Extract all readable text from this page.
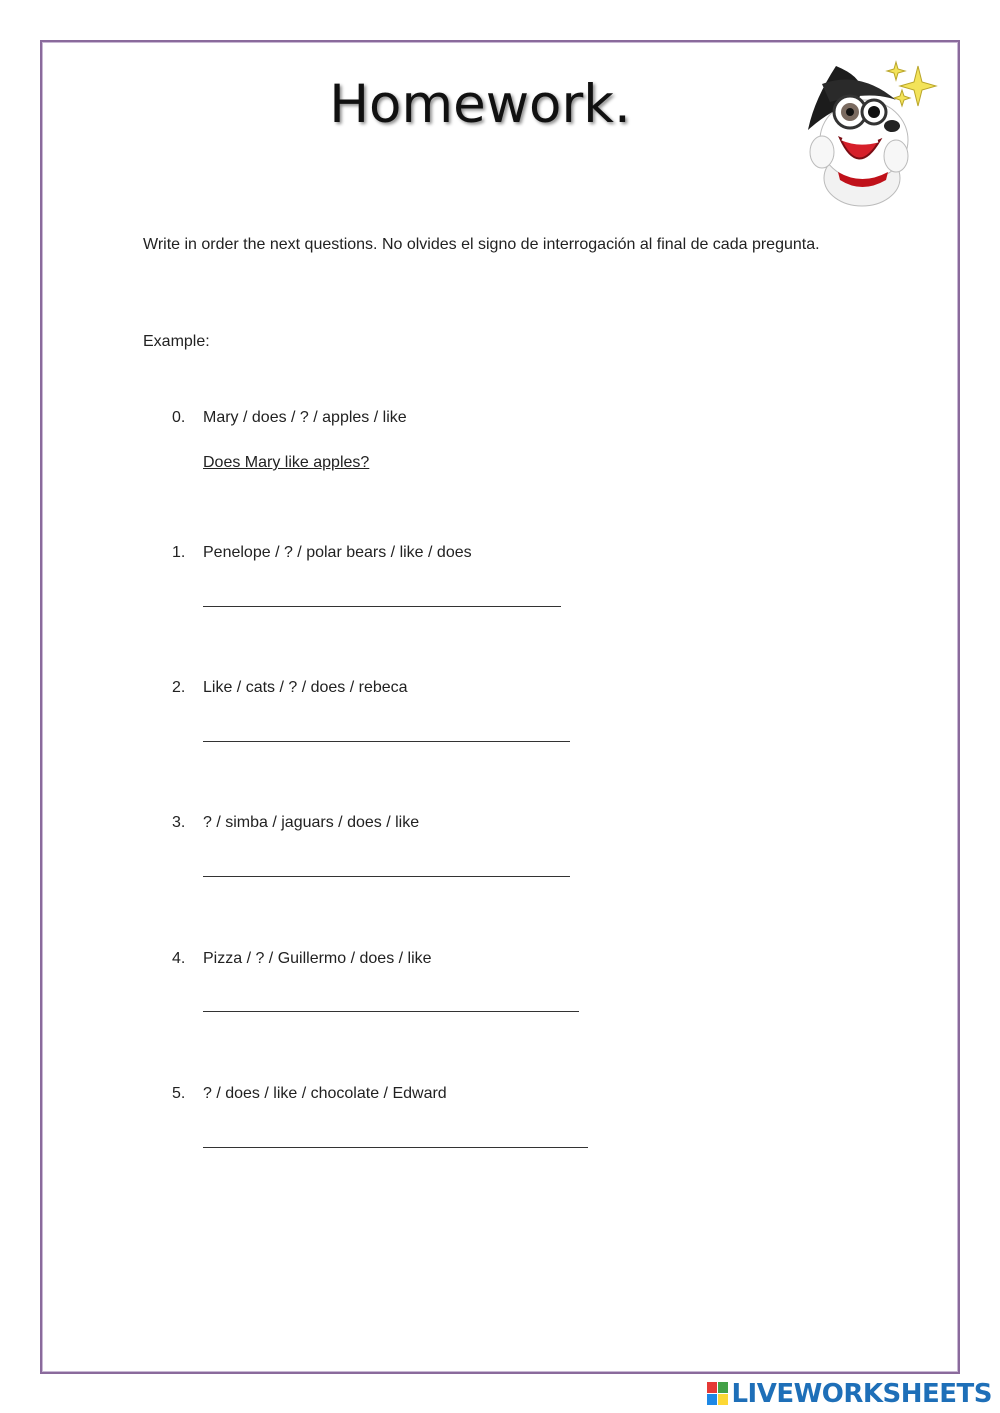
Homework.
Write in order the next questions. No olvides el signo de interrogación al final de cada pregunta.
Example:
0. Mary / does / ? / apples / like
Does Mary like apples?
1. Penelope / ? / polar bears / like / does
2. Like / cats / ? / does / rebeca
3. ? / simba / jaguars / does / like
4. Pizza / ? / Guillermo / does / like
5. ? / does / like / chocolate / Edward
LIVEWORKSHEETS
